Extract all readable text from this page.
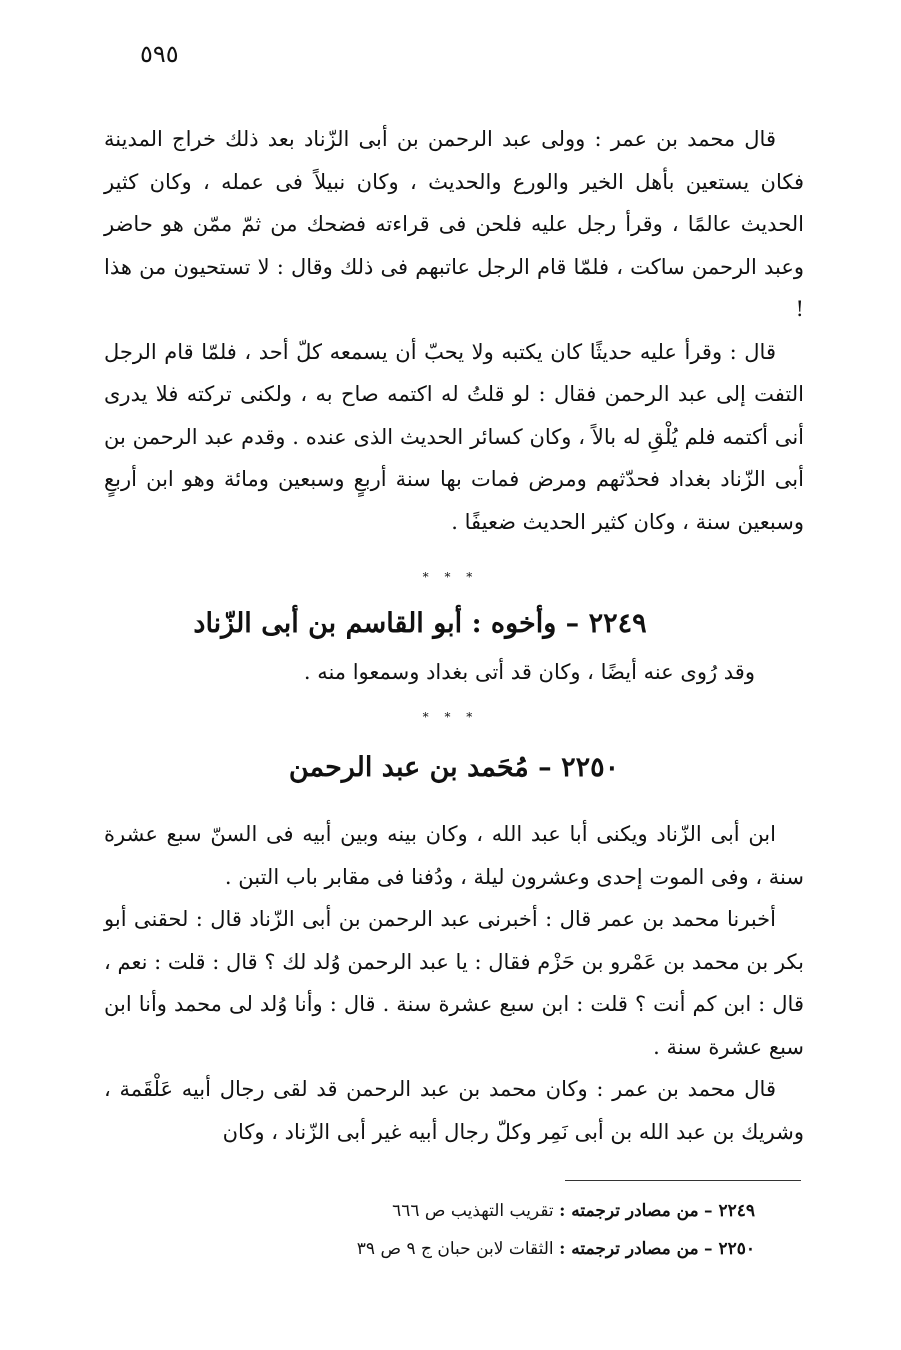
٥٩٥

قال محمد بن عمر : وولى عبد الرحمن بن أبى الزّناد بعد ذلك خراج المدينة فكان يستعين بأهل الخير والورع والحديث ، وكان نبيلاً فى عمله ، وكان كثير الحديث عالمًا ، وقرأ رجل عليه فلحن فى قراءته فضحك من ثمّ ممّن هو حاضر وعبد الرحمن ساكت ، فلمّا قام الرجل عاتبهم فى ذلك وقال : لا تستحيون من هذا !

قال : وقرأ عليه حديثًا كان يكتبه ولا يحبّ أن يسمعه كلّ أحد ، فلمّا قام الرجل التفت إلى عبد الرحمن فقال : لو قلتُ له اكتمه صاح به ، ولكنى تركته فلا يدرى أنى أكتمه فلم يُلْقِ له بالاً ، وكان كسائر الحديث الذى عنده . وقدم عبد الرحمن بن أبى الزّناد بغداد فحدّثهم ومرض فمات بها سنة أربعٍ وسبعين ومائة وهو ابن أربعٍ وسبعين سنة ، وكان كثير الحديث ضعيفًا .

* * *
٢٢٤٩ – وأخوه : أبو القاسم بن أبى الزّناد
وقد رُوى عنه أيضًا ، وكان قد أتى بغداد وسمعوا منه .
* * *
٢٢٥٠ – مُحَمد بن عبد الرحمن

ابن أبى الزّناد ويكنى أبا عبد الله ، وكان بينه وبين أبيه فى السنّ سبع عشرة سنة ، وفى الموت إحدى وعشرون ليلة ، ودُفنا فى مقابر باب التبن .

أخبرنا محمد بن عمر قال : أخبرنى عبد الرحمن بن أبى الزّناد قال : لحقنى أبو بكر بن محمد بن عَمْرو بن حَزْم فقال : يا عبد الرحمن وُلد لك ؟ قال : قلت : نعم ، قال : ابن كم أنت ؟ قلت : ابن سبع عشرة سنة . قال : وأنا وُلد لى محمد وأنا ابن سبع عشرة سنة .

قال محمد بن عمر : وكان محمد بن عبد الرحمن قد لقى رجال أبيه عَلْقَمة ، وشريك بن عبد الله بن أبى نَمِر وكلّ رجال أبيه غير أبى الزّناد ، وكان

٢٢٤٩ – من مصادر ترجمته : تقريب التهذيب ص ٦٦٦
٢٢٥٠ – من مصادر ترجمته : الثقات لابن حبان ج ٩ ص ٣٩
